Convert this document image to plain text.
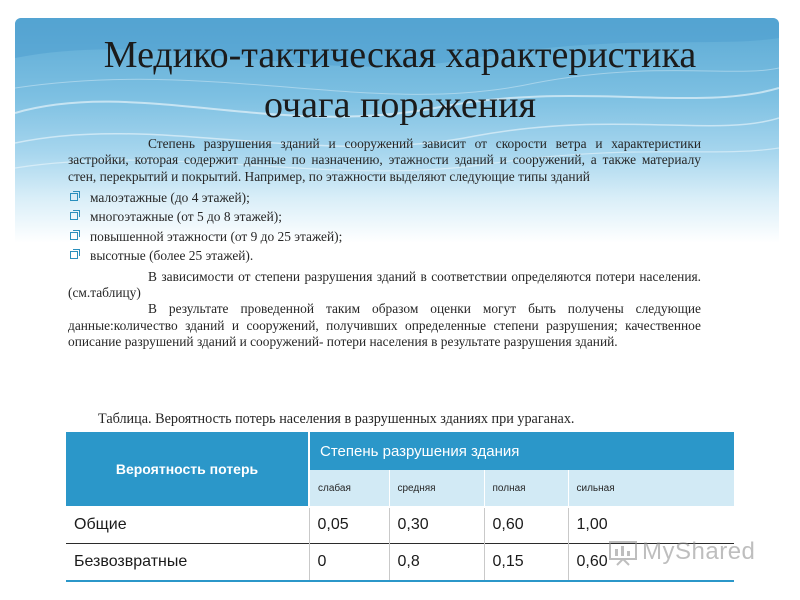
Медико-тактическая характеристика
очага поражения

Степень разрушения зданий и сооружений зависит от скорости ветра и характеристики застройки, которая содержит данные по назначению, этажности зданий и сооружений, а также материалу стен, перекрытий и покрытий. Например, по этажности выделяют следующие типы зданий

малоэтажные (до 4 этажей);
многоэтажные (от 5 до 8 этажей);
повышенной этажности (от 9 до 25 этажей);
высотные (более 25 этажей).

В зависимости от степени разрушения зданий в соответствии определяются потери населения.(см.таблицу)

В результате проведенной таким образом оценки могут быть получены следующие данные:количество зданий и сооружений, получивших определенные степени разрушения; качественное описание разрушений зданий и сооружений- потери населения в результате разрушения зданий.

Таблица. Вероятность потерь населения в разрушенных зданиях при ураганах.
Вероятность потерь	Степень разрушения здания			
	слабая	средняя	полная	сильная
Общие	0,05	0,30	0,60	1,00
Безвозвратные	0	0,8	0,15	0,60 MyShared
